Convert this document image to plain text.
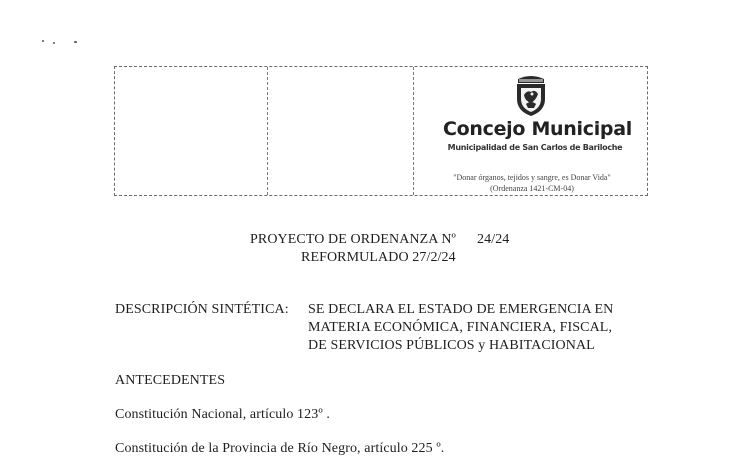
Concejo Municipal
Municipalidad de San Carlos de Bariloche
"Donar órganos, tejidos y sangre, es Donar Vida"
(Ordenanza 1421-CM-04)
PROYECTO DE ORDENANZA Nº 24/24
REFORMULADO 27/2/24
DESCRIPCIÓN SINTÉTICA: SE DECLARA EL ESTADO DE EMERGENCIA EN
MATERIA ECONÓMICA, FINANCIERA, FISCAL,
DE SERVICIOS PÚBLICOS y HABITACIONAL
ANTECEDENTES
Constitución Nacional, artículo 123º .
Constitución de la Provincia de Río Negro, artículo 225 º.
